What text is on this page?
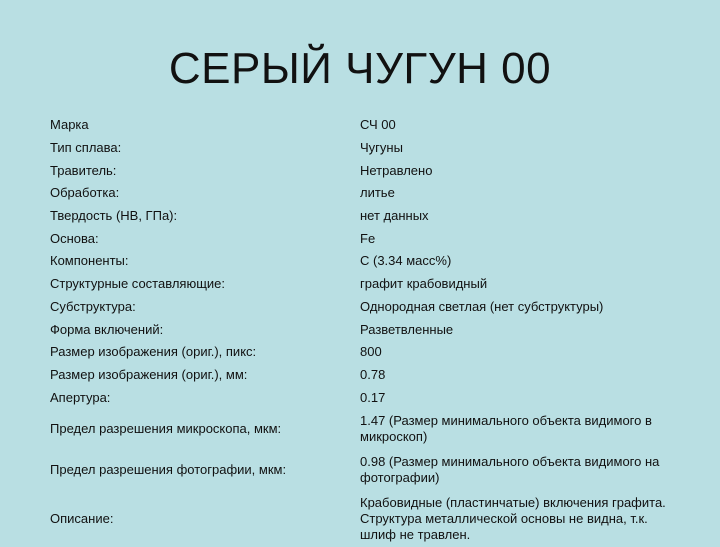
СЕРЫЙ ЧУГУН 00
Марка	СЧ 00
Тип сплава:	Чугуны
Травитель:	Нетравлено
Обработка:	литье
Твердость (НВ, ГПа):	нет данных
Основа:	Fe
Компоненты:	C (3.34 масс%)
Структурные составляющие:	графит крабовидный
Субструктура:	Однородная светлая (нет субструктуры)
Форма включений:	Разветвленные
Размер изображения (ориг.), пикс:	800
Размер изображения (ориг.), мм:	0.78
Апертура:	0.17
Предел разрешения микроскопа, мкм:
1.47 (Размер минимального объекта видимого в микроскоп)
Предел разрешения фотографии, мкм:
0.98 (Размер минимального объекта видимого на фотографии)
Описание:
Крабовидные (пластинчатые) включения графита. Структура металлической основы не видна, т.к. шлиф не травлен.
